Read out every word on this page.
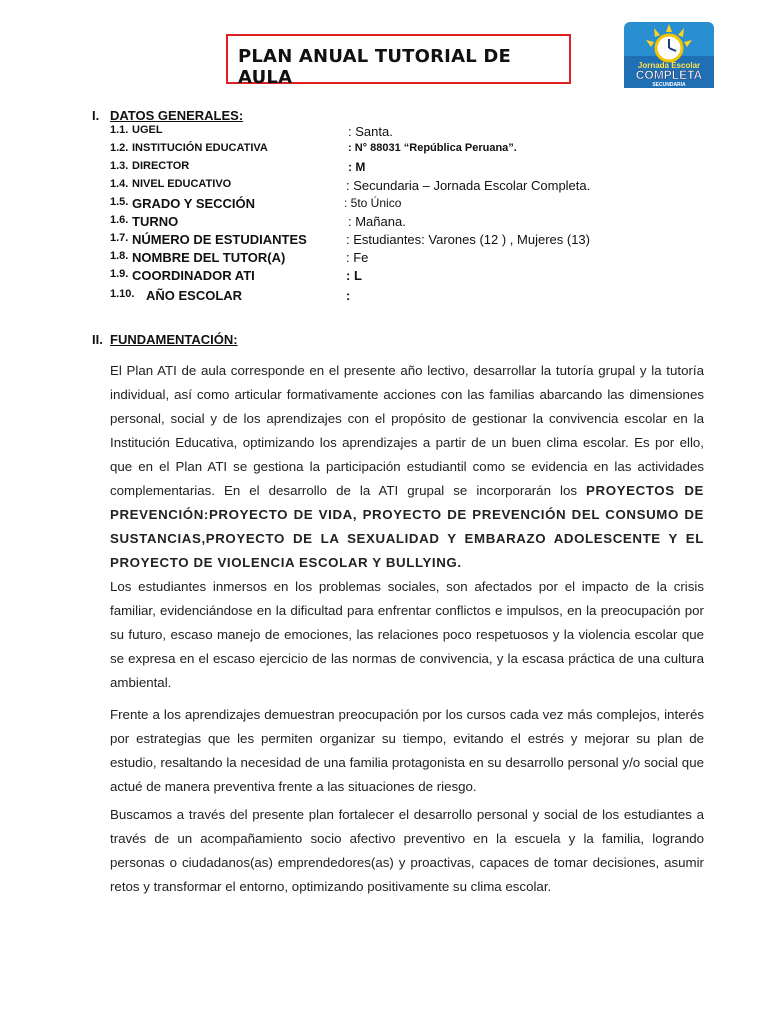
PLAN ANUAL TUTORIAL DE AULA
Jornada Escolar
COMPLETA
SECUNDARIA
I. DATOS GENERALES:
1.1. UGEL	: Santa.
1.2. INSTITUCIÓN EDUCATIVA	: N° 88031 “República Peruana”.
1.3. DIRECTOR	: M
1.4. NIVEL EDUCATIVO	: Secundaria – Jornada Escolar Completa.
1.5. GRADO Y SECCIÓN	: 5to Único
1.6. TURNO	: Mañana.
1.7. NÚMERO DE ESTUDIANTES	: Estudiantes: Varones (12 ) , Mujeres (13)
1.8. NOMBRE DEL TUTOR(A)	: Fe
1.9. COORDINADOR ATI	: L
1.10. AÑO ESCOLAR	:
II. FUNDAMENTACIÓN:
El Plan ATI de aula corresponde en el presente año lectivo, desarrollar la tutoría grupal y la tutoría individual, así como articular formativamente acciones con las familias abarcando las dimensiones personal, social y de los aprendizajes con el propósito de gestionar la convivencia escolar en la Institución Educativa, optimizando los aprendizajes a partir de un buen clima escolar. Es por ello, que en el Plan ATI se gestiona la participación estudiantil como se evidencia en las actividades complementarias. En el desarrollo de la ATI grupal se incorporarán los PROYECTOS DE PREVENCIÓN:PROYECTO DE VIDA, PROYECTO DE PREVENCIÓN DEL CONSUMO DE SUSTANCIAS,PROYECTO DE LA SEXUALIDAD Y EMBARAZO ADOLESCENTE Y EL PROYECTO DE VIOLENCIA ESCOLAR Y BULLYING.
Los estudiantes inmersos en los problemas sociales, son afectados por el impacto de la crisis familiar, evidenciándose en la dificultad para enfrentar conflictos e impulsos, en la preocupación por su futuro, escaso manejo de emociones, las relaciones poco respetuosos y la violencia escolar que se expresa en el escaso ejercicio de las normas de convivencia, y la escasa práctica de una cultura ambiental.
Frente a los aprendizajes demuestran preocupación por los cursos cada vez más complejos, interés por estrategias que les permiten organizar su tiempo, evitando el estrés y mejorar su plan de estudio, resaltando la necesidad de una familia protagonista en su desarrollo personal y/o social que actué de manera preventiva frente a las situaciones de riesgo.
Buscamos a través del presente plan fortalecer el desarrollo personal y social de los estudiantes a través de un acompañamiento socio afectivo preventivo en la escuela y la familia, logrando personas o ciudadanos(as) emprendedores(as) y proactivas, capaces de tomar decisiones, asumir retos y transformar el entorno, optimizando positivamente su clima escolar.
